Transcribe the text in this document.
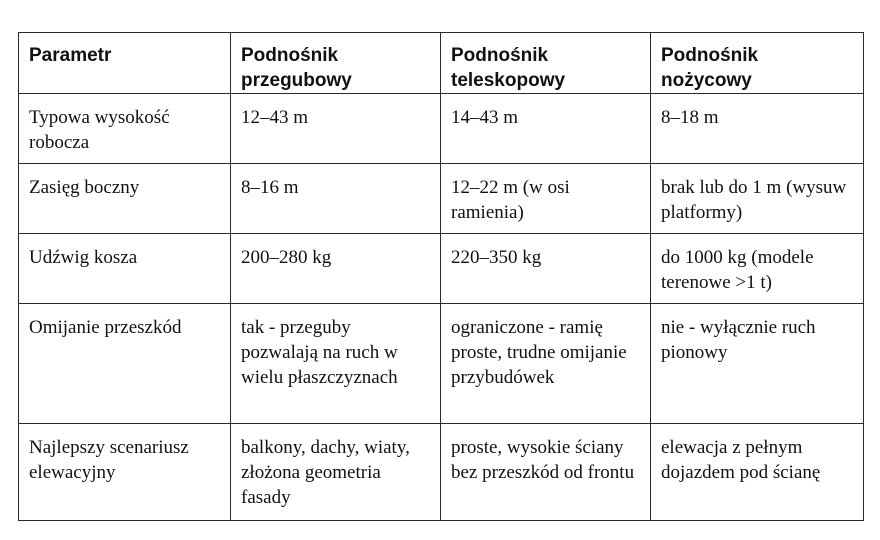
Parametr	Podnośnik przegubowy	Podnośnik teleskopowy	Podnośnik nożycowy
Typowa wysokość robocza	12–43 m	14–43 m	8–18 m
Zasięg boczny	8–16 m	12–22 m (w osi ramienia)	brak lub do 1 m (wysuw platformy)
Udźwig kosza	200–280 kg	220–350 kg	do 1000 kg (modele terenowe >1 t)
Omijanie przeszkód	tak - przeguby pozwalają na ruch w wielu płaszczyznach	ograniczone - ramię proste, trudne omijanie przybudówek	nie - wyłącznie ruch pionowy
Najlepszy scenariusz elewacyjny	balkony, dachy, wiaty, złożona geometria fasady	proste, wysokie ściany bez przeszkód od frontu	elewacja z pełnym dojazdem pod ścianę
